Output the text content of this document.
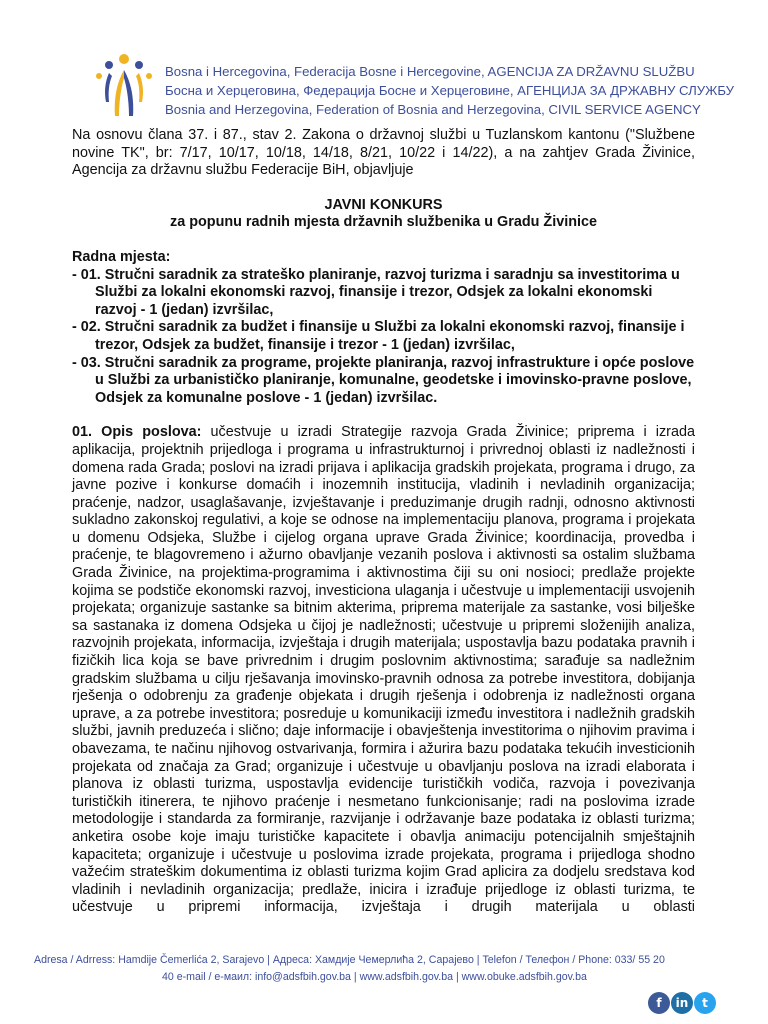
Bosna i Hercegovina, Federacija Bosne i Hercegovine, AGENCIJA ZA DRŽAVNU SLUŽBU
Босна и Херцеговина, Федерација Босне и Херцеговине, АГЕНЦИЈА ЗА ДРЖАВНУ СЛУЖБУ
Bosnia and Herzegovina, Federation of Bosnia and Herzegovina, CIVIL SERVICE AGENCY

Na osnovu člana 37. i 87., stav 2. Zakona o državnoj službi u Tuzlanskom kantonu ("Službene novine TK", br: 7/17, 10/17, 10/18, 14/18, 8/21, 10/22 i 14/22), a na zahtjev Grada Živinice, Agencija za državnu službu Federacije BiH, objavljuje

JAVNI KONKURS
za popunu radnih mjesta državnih službenika u Gradu Živinice
Radna mjesta:

- 01. Stručni saradnik za strateško planiranje, razvoj turizma i saradnju sa investitorima u Službi za lokalni ekonomski razvoj, finansije i trezor, Odsjek za lokalni ekonomski razvoj - 1 (jedan) izvršilac,

- 02. Stručni saradnik za budžet i finansije u Službi za lokalni ekonomski razvoj, finansije i trezor, Odsjek za budžet, finansije i trezor - 1 (jedan) izvršilac,

- 03. Stručni saradnik za programe, projekte planiranja, razvoj infrastrukture i opće poslove u Službi za urbanističko planiranje, komunalne, geodetske i imovinsko-pravne poslove, Odsjek za komunalne poslove - 1 (jedan) izvršilac.

01. Opis poslova: učestvuje u izradi Strategije razvoja Grada Živinice; priprema i izrada aplikacija, projektnih prijedloga i programa u infrastrukturnoj i privrednoj oblasti iz nadležnosti i domena rada Grada; poslovi na izradi prijava i aplikacija gradskih projekata, programa i drugo, za javne pozive i konkurse domaćih i inozemnih institucija, vladinih i nevladinih organizacija; praćenje, nadzor, usaglašavanje, izvještavanje i preduzimanje drugih radnji, odnosno aktivnosti sukladno zakonskoj regulativi, a koje se odnose na implementaciju planova, programa i projekata u domenu Odsjeka, Službe i cijelog organa uprave Grada Živinice; koordinacija, provedba i praćenje, te blagovremeno i ažurno obavljanje vezanih poslova i aktivnosti sa ostalim službama Grada Živinice, na projektima-programima i aktivnostima čiji su oni nosioci; predlaže projekte kojima se podstiče ekonomski razvoj, investiciona ulaganja i učestvuje u implementaciji usvojenih projekata; organizuje sastanke sa bitnim akterima, priprema materijale za sastanke, vosi bilješke sa sastanaka iz domena Odsjeka u čijoj je nadležnosti; učestvuje u pripremi složenijih analiza, razvojnih projekata, informacija, izvještaja i drugih materijala; uspostavlja bazu podataka pravnih i fizičkih lica koja se bave privrednim i drugim poslovnim aktivnostima; sarađuje sa nadležnim gradskim službama u cilju rješavanja imovinsko-pravnih odnosa za potrebe investitora, dobijanja rješenja o odobrenju za građenje objekata i drugih rješenja i odobrenja iz nadležnosti organa uprave, a za potrebe investitora; posreduje u komunikaciji između investitora i nadležnih gradskih službi, javnih preduzeća i slično; daje informacije i obavještenja investitorima o njihovim pravima i obavezama, te načinu njihovog ostvarivanja, formira i ažurira bazu podataka tekućih investicionih projekata od značaja za Grad; organizuje i učestvuje u obavljanju poslova na izradi elaborata i planova iz oblasti turizma, uspostavlja evidencije turističkih vodiča, razvoja i povezivanja turističkih itinerera, te njihovo praćenje i nesmetano funkcionisanje; radi na poslovima izrade metodologije i standarda za formiranje, razvijanje i održavanje baze podataka iz oblasti turizma; anketira osobe koje imaju turističke kapacitete i obavlja animaciju potencijalnih smještajnih kapaciteta; organizuje i učestvuje u poslovima izrade projekata, programa i prijedloga shodno važećim strateškim dokumentima iz oblasti turizma kojim Grad aplicira za dodjelu sredstava kod vladinih i nevladinih organizacija; predlaže, inicira i izrađuje prijedloge iz oblasti turizma, te učestvuje u pripremi informacija, izvještaja i drugih materijala u oblasti

Adresa / Adrress: Hamdije Čemerlića 2, Sarajevo | Адреса: Хамдије Чемерлића 2, Сарајево | Telefon / Телефон / Phone: 033/ 55 20
40 e-mail / е-маил: info@adsfbih.gov.ba | www.adsfbih.gov.ba | www.obuke.adsfbih.gov.ba
f	in	t
